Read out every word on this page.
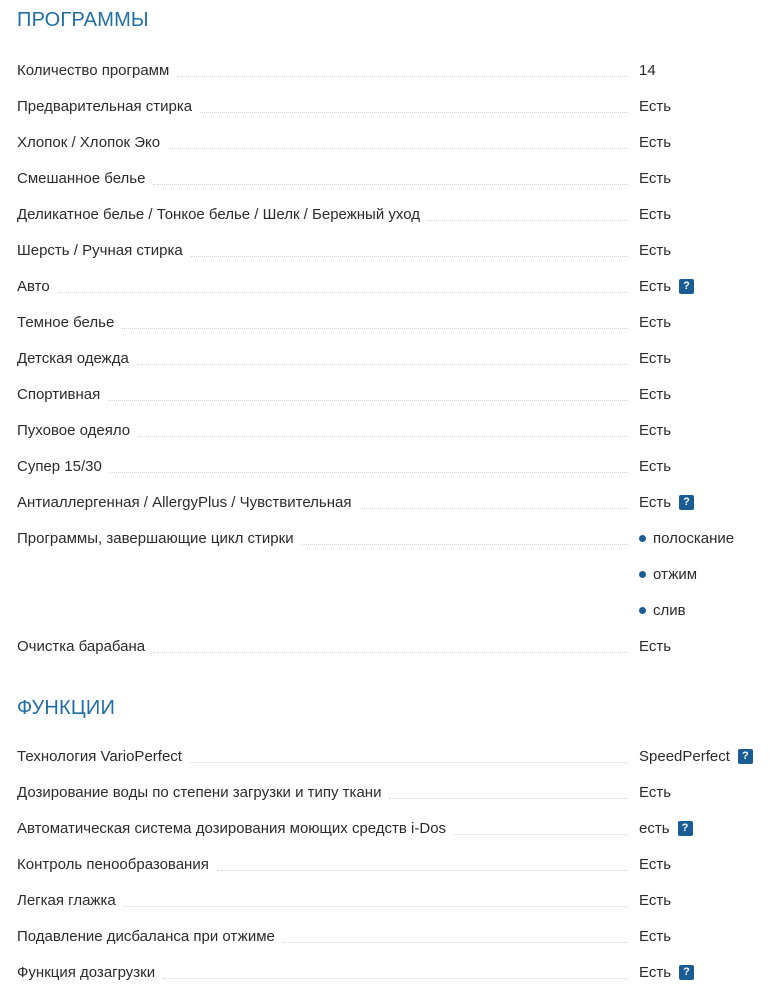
ПРОГРАММЫ
Количество программ	14
Предварительная стирка	Есть
Хлопок / Хлопок Эко	Есть
Смешанное белье	Есть
Деликатное белье / Тонкое белье / Шелк / Бережный уход	Есть
Шерсть / Ручная стирка	Есть
Авто	Есть	?
Темное белье	Есть
Детская одежда	Есть
Спортивная	Есть
Пуховое одеяло	Есть
Супер 15/30	Есть
Антиаллергенная / AllergyPlus / Чувствительная	Есть	?
Программы, завершающие цикл стирки	полоскание
отжим
слив
Очистка барабана	Есть
ФУНКЦИИ
Технология VarioPerfect	SpeedPerfect	?
Дозирование воды по степени загрузки и типу ткани	Есть
Автоматическая система дозирования моющих средств i-Dos	есть	?
Контроль пенообразования	Есть
Легкая глажка	Есть
Подавление дисбаланса при отжиме	Есть
Функция дозагрузки	Есть	?
